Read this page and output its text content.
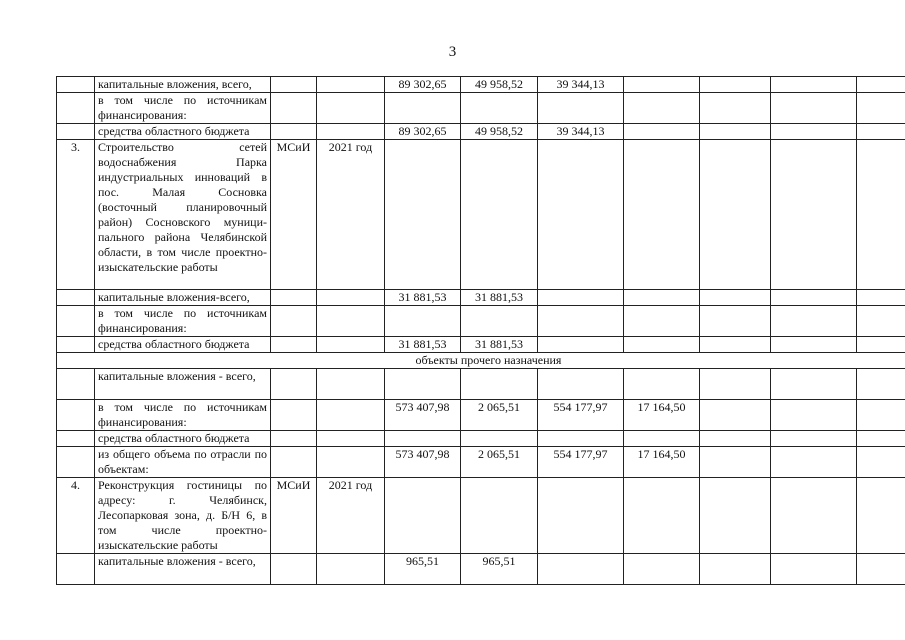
3
	капитальные вложения, всего,			89 302,65	49 958,52	39 344,13				
	в том числе по источникам финансирования:									
	средства областного бюджета			89 302,65	49 958,52	39 344,13				
3.	Строительство сетей водоснабжения Парка индустриальных инноваций в пос. Малая Сосновка (восточный планировочный район) Сосновского муници-пального района Челябинской области, в том числе проектно-изыскательские работы	МСиИ	2021 год							
	капитальные вложения-всего,			31 881,53	31 881,53					
	в том числе по источникам финансирования:									
	средства областного бюджета			31 881,53	31 881,53					
объекты прочего назначения										
	капитальные вложения - всего,									
	в том числе по источникам финансирования:			573 407,98	2 065,51	554 177,97	17 164,50			
	средства областного бюджета									
	из общего объема по отрасли по объектам:			573 407,98	2 065,51	554 177,97	17 164,50			
4.	Реконструкция гостиницы по адресу: г. Челябинск, Лесопарковая зона, д. Б/Н 6, в том числе проектно-изыскательские работы	МСиИ	2021 год							
	капитальные вложения - всего,			965,51	965,51					
